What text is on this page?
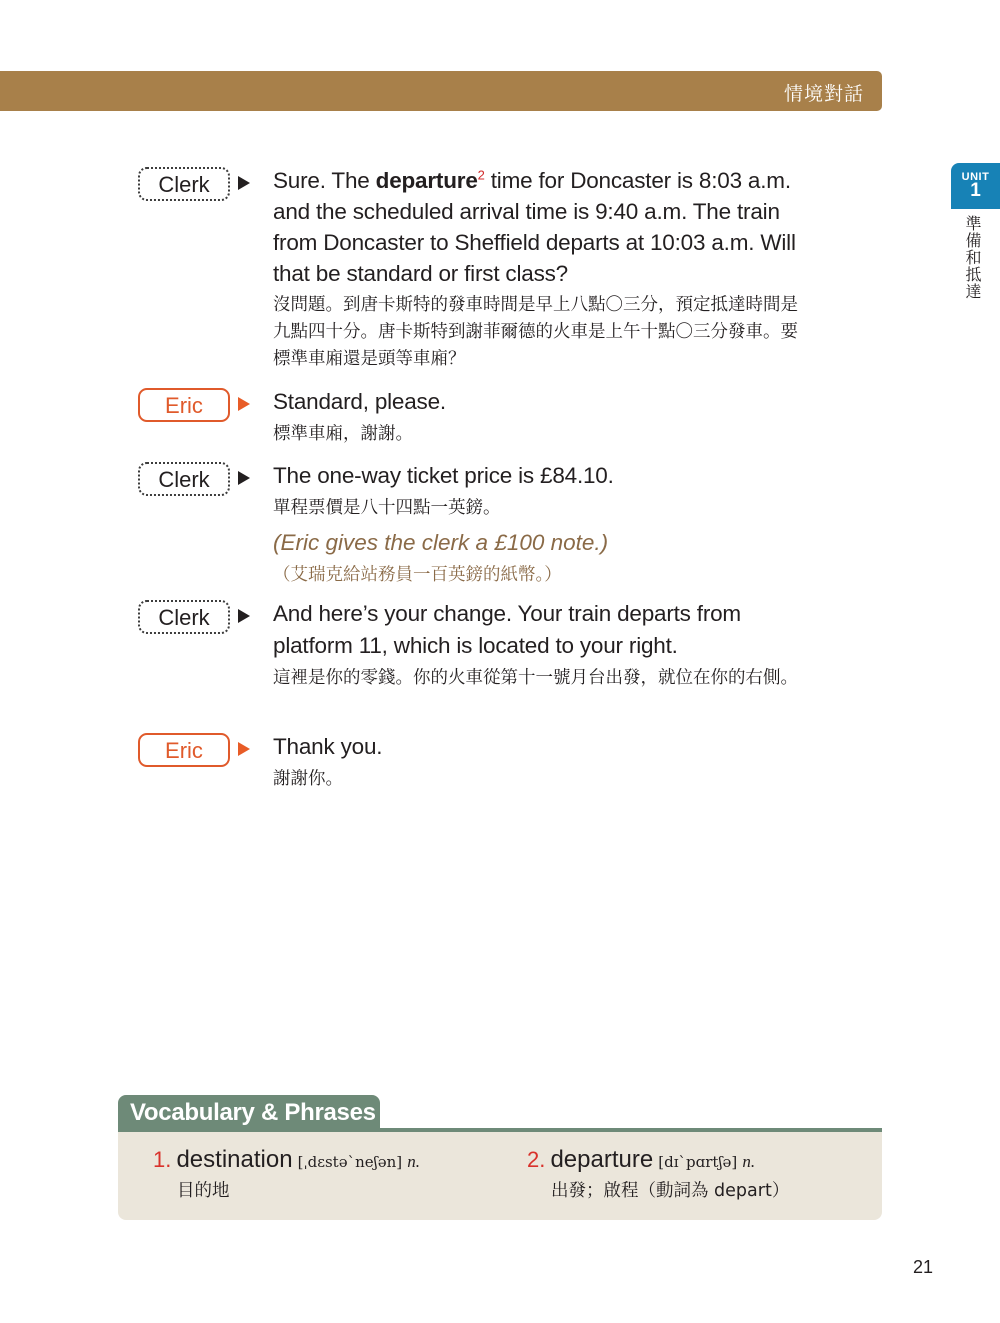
情境對話
UNIT
1
準備和抵達
Clerk	Sure. The departure$^2$ time for Doncaster is 8:03 a.m. and the scheduled arrival time is 9:40 a.m. The train from Doncaster to Sheffield departs at 10:03 a.m. Will that be standard or first class?
沒問題。到唐卡斯特的發車時間是早上八點〇三分，預定抵達時間是九點四十分。唐卡斯特到謝菲爾德的火車是上午十點〇三分發車。要標準車廂還是頭等車廂？
Eric	Standard, please.
標準車廂，謝謝。
Clerk	The one-way ticket price is £84.10.
單程票價是八十四點一英鎊。
(Eric gives the clerk a £100 note.)
（艾瑞克給站務員一百英鎊的紙幣。）
Clerk	And here’s your change. Your train departs from platform 11, which is located to your right.
這裡是你的零錢。你的火車從第十一號月台出發，就位在你的右側。
Eric	Thank you.
謝謝你。
Vocabulary & Phrases
1. destination [ˌdɛstəˋneʃən] n.
目的地
2. departure [dɪˋpɑrtʃə] n.
出發；啟程（動詞為 depart）
21
